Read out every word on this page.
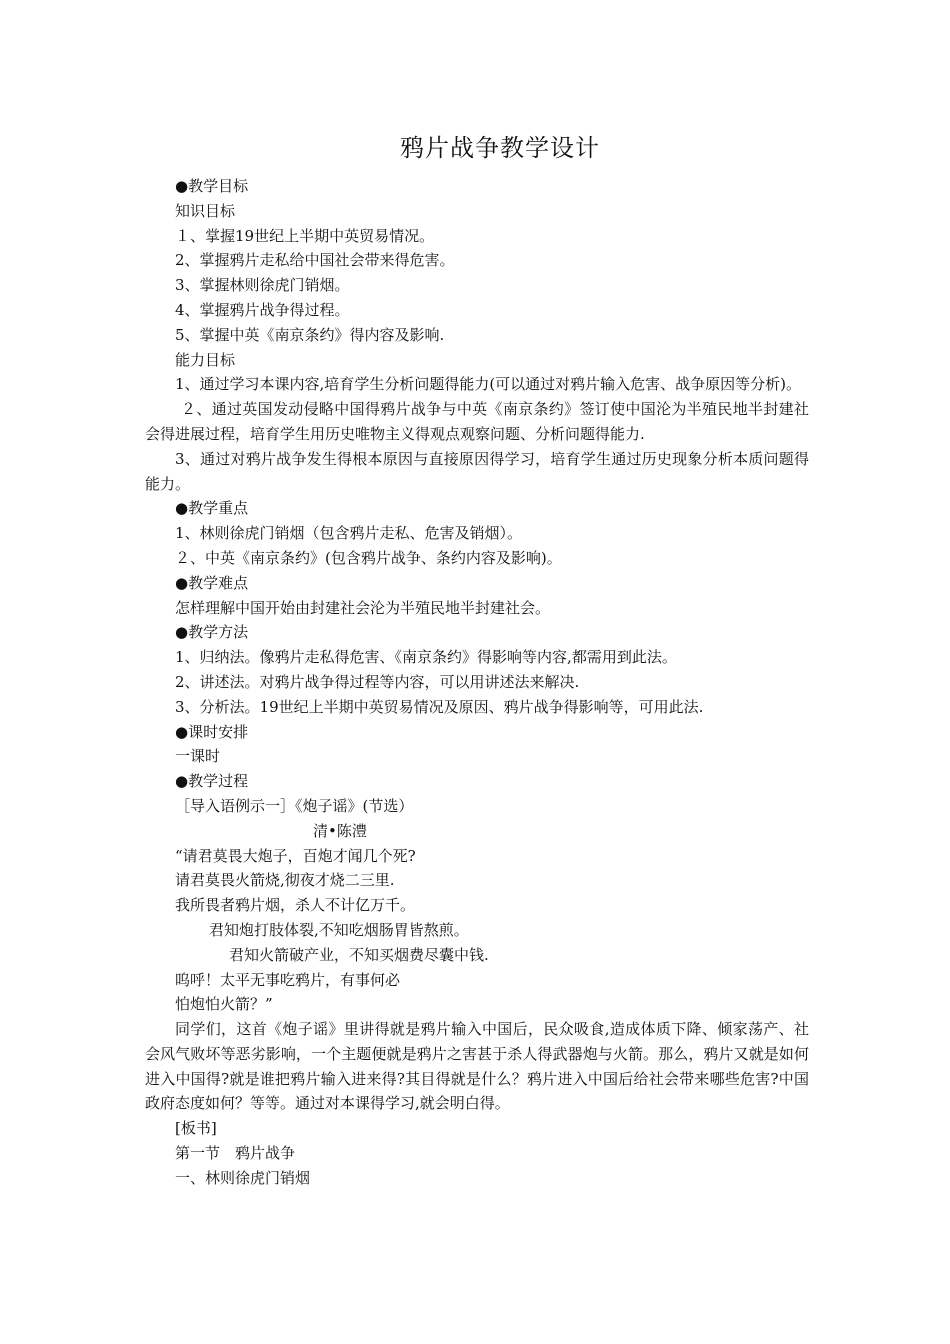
鸦片战争教学设计

●教学目标

知识目标

１、掌握19世纪上半期中英贸易情况。

2、掌握鸦片走私给中国社会带来得危害。

3、掌握林则徐虎门销烟。

4、掌握鸦片战争得过程。

5、掌握中英《南京条约》得内容及影响.

能力目标

1、通过学习本课内容,培育学生分析问题得能力(可以通过对鸦片输入危害、战争原因等分析)。

２、通过英国发动侵略中国得鸦片战争与中英《南京条约》签订使中国沦为半殖民地半封建社会得进展过程，培育学生用历史唯物主义得观点观察问题、分析问题得能力.

3、通过对鸦片战争发生得根本原因与直接原因得学习，培育学生通过历史现象分析本质问题得能力。

●教学重点

1、林则徐虎门销烟（包含鸦片走私、危害及销烟）。

２、中英《南京条约》(包含鸦片战争、条约内容及影响)。

●教学难点

怎样理解中国开始由封建社会沦为半殖民地半封建社会。

●教学方法

1、归纳法。像鸦片走私得危害、《南京条约》得影响等内容,都需用到此法。

2、讲述法。对鸦片战争得过程等内容，可以用讲述法来解决.

3、分析法。19世纪上半期中英贸易情况及原因、鸦片战争得影响等，可用此法.

●课时安排

一课时

●教学过程

［导入语例示一］《炮子谣》(节选）

清•陈澧

“请君莫畏大炮子，百炮才闻几个死?

请君莫畏火箭烧,彻夜才烧二三里.

我所畏者鸦片烟，杀人不计亿万千。

君知炮打肢体裂,不知吃烟肠胃皆熬煎。

君知火箭破产业，不知买烟费尽囊中钱.

呜呼！太平无事吃鸦片，有事何必

怕炮怕火箭？”

同学们，这首《炮子谣》里讲得就是鸦片输入中国后，民众吸食,造成体质下降、倾家荡产、社会风气败坏等恶劣影响，一个主题便就是鸦片之害甚于杀人得武器炮与火箭。那么，鸦片又就是如何进入中国得?就是谁把鸦片输入进来得?其目得就是什么？鸦片进入中国后给社会带来哪些危害?中国政府态度如何？等等。通过对本课得学习,就会明白得。

[板书]

第一节　鸦片战争

一、林则徐虎门销烟
